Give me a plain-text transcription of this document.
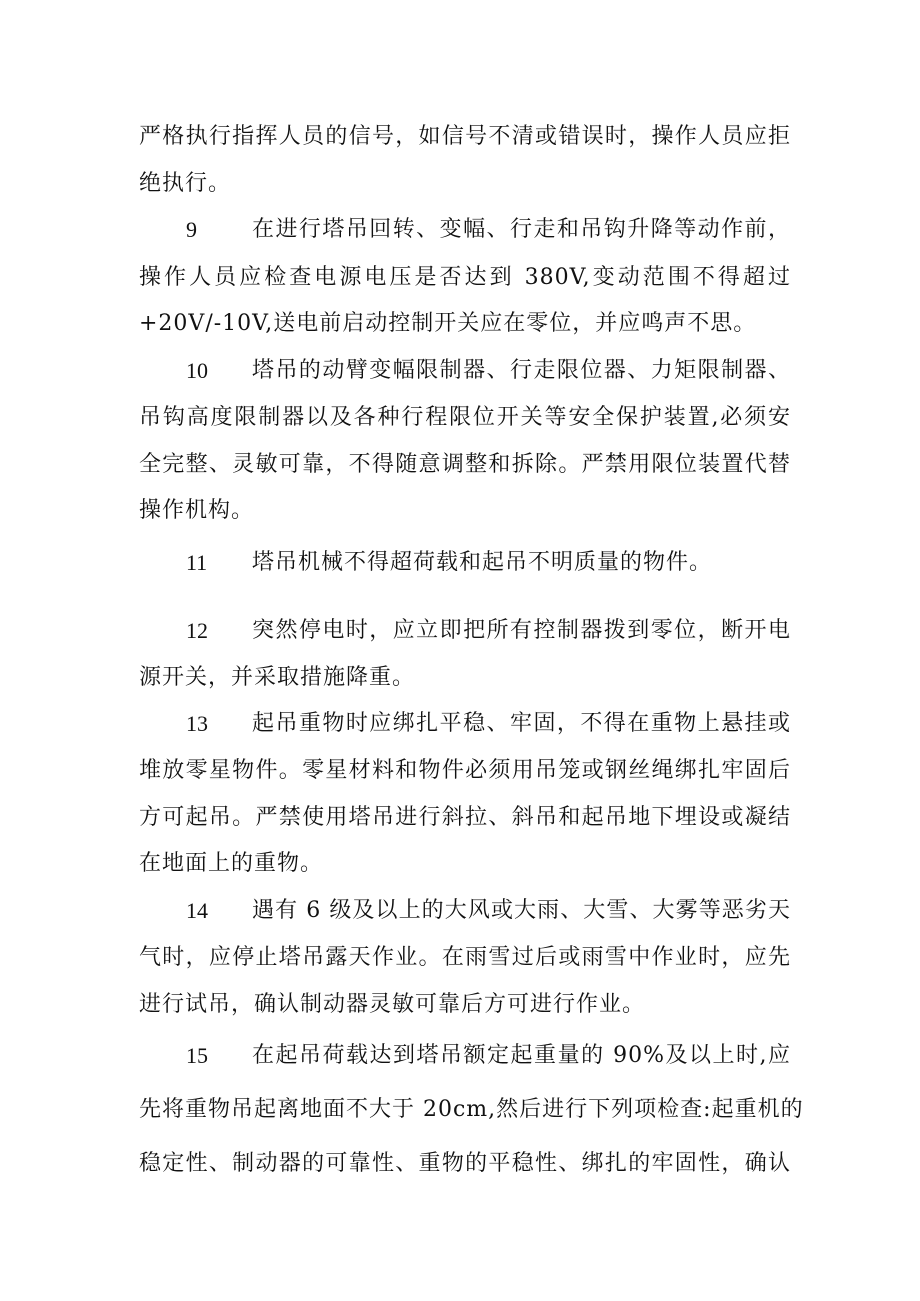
严格执行指挥人员的信号，如信号不清或错误时，操作人员应拒
绝执行。
9	在进行塔吊回转、变幅、行走和吊钩升降等动作前，
操作人员应检查电源电压是否达到 380V,变动范围不得超过
+20V/-10V,送电前启动控制开关应在零位，并应鸣声不思。
10 塔吊的动臂变幅限制器、行走限位器、力矩限制器、
吊钩高度限制器以及各种行程限位开关等安全保护装置,必须安
全完整、灵敏可靠，不得随意调整和拆除。严禁用限位装置代替
操作机构。
11 塔吊机械不得超荷载和起吊不明质量的物件。
12 突然停电时，应立即把所有控制器拨到零位，断开电
源开关，并采取措施降重。
13 起吊重物时应绑扎平稳、牢固，不得在重物上悬挂或
堆放零星物件。零星材料和物件必须用吊笼或钢丝绳绑扎牢固后
方可起吊。严禁使用塔吊进行斜拉、斜吊和起吊地下埋设或凝结
在地面上的重物。
14 遇有 6 级及以上的大风或大雨、大雪、大雾等恶劣天
气时，应停止塔吊露天作业。在雨雪过后或雨雪中作业时，应先
进行试吊，确认制动器灵敏可靠后方可进行作业。
15 在起吊荷载达到塔吊额定起重量的 90%及以上时,应
先将重物吊起离地面不大于 20cm,然后进行下列项检查:起重机的
稳定性、制动器的可靠性、重物的平稳性、绑扎的牢固性，确认
